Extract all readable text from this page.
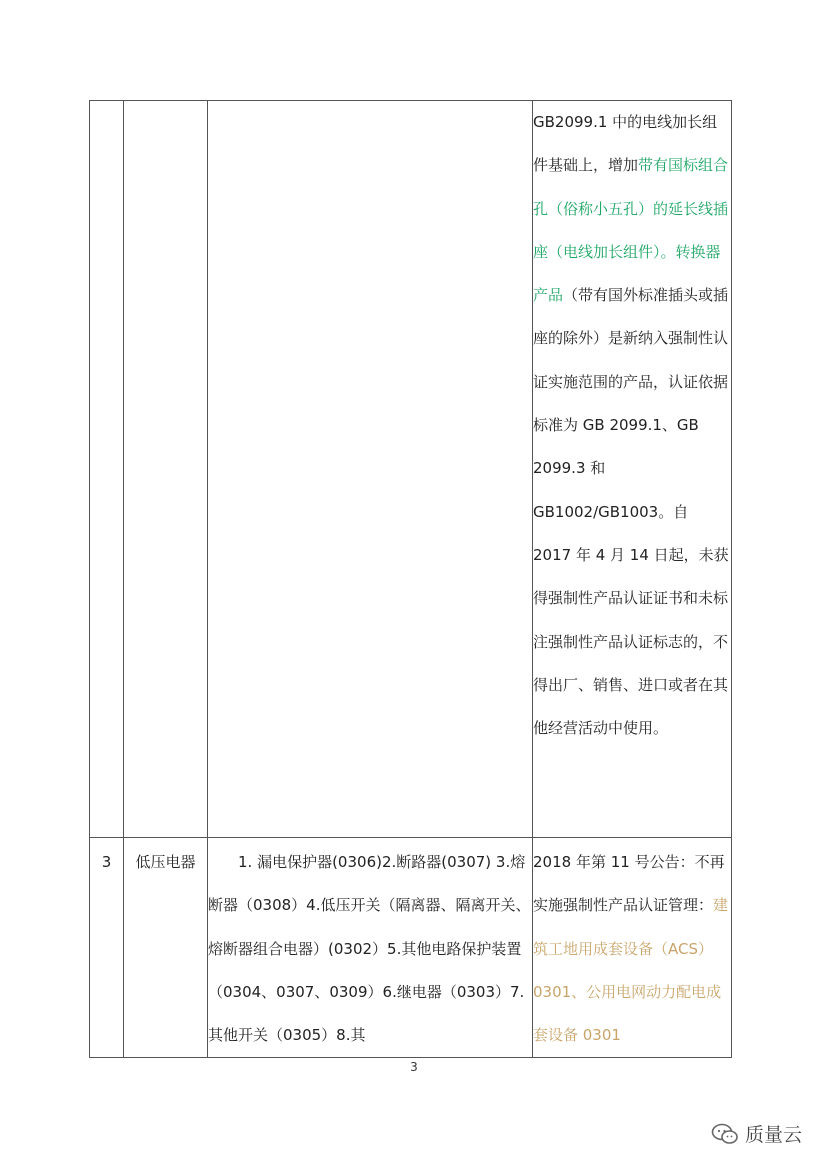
			GB2099.1 中的电线加长组件基础上，增加带有国标组合孔（俗称小五孔）的延长线插座（电线加长组件）。转换器产品（带有国外标准插头或插座的除外）是新纳入强制性认证实施范围的产品，认证依据标准为 GB 2099.1、GB 2099.3 和 GB1002/GB1003。自 2017 年 4 月 14 日起，未获得强制性产品认证证书和未标注强制性产品认证标志的，不得出厂、销售、进口或者在其他经营活动中使用。

3	低压电器	1. 漏电保护器(0306)2.断路器(0307) 3.熔断器（0308）4.低压开关（隔离器、隔离开关、熔断器组合电器）(0302）5.其他电路保护装置（0304、0307、0309）6.继电器（0303）7.其他开关（0305）8.其	2018 年第 11 号公告：不再实施强制性产品认证管理：建筑工地用成套设备（ACS）0301、公用电网动力配电成套设备 0301
3
质量云
